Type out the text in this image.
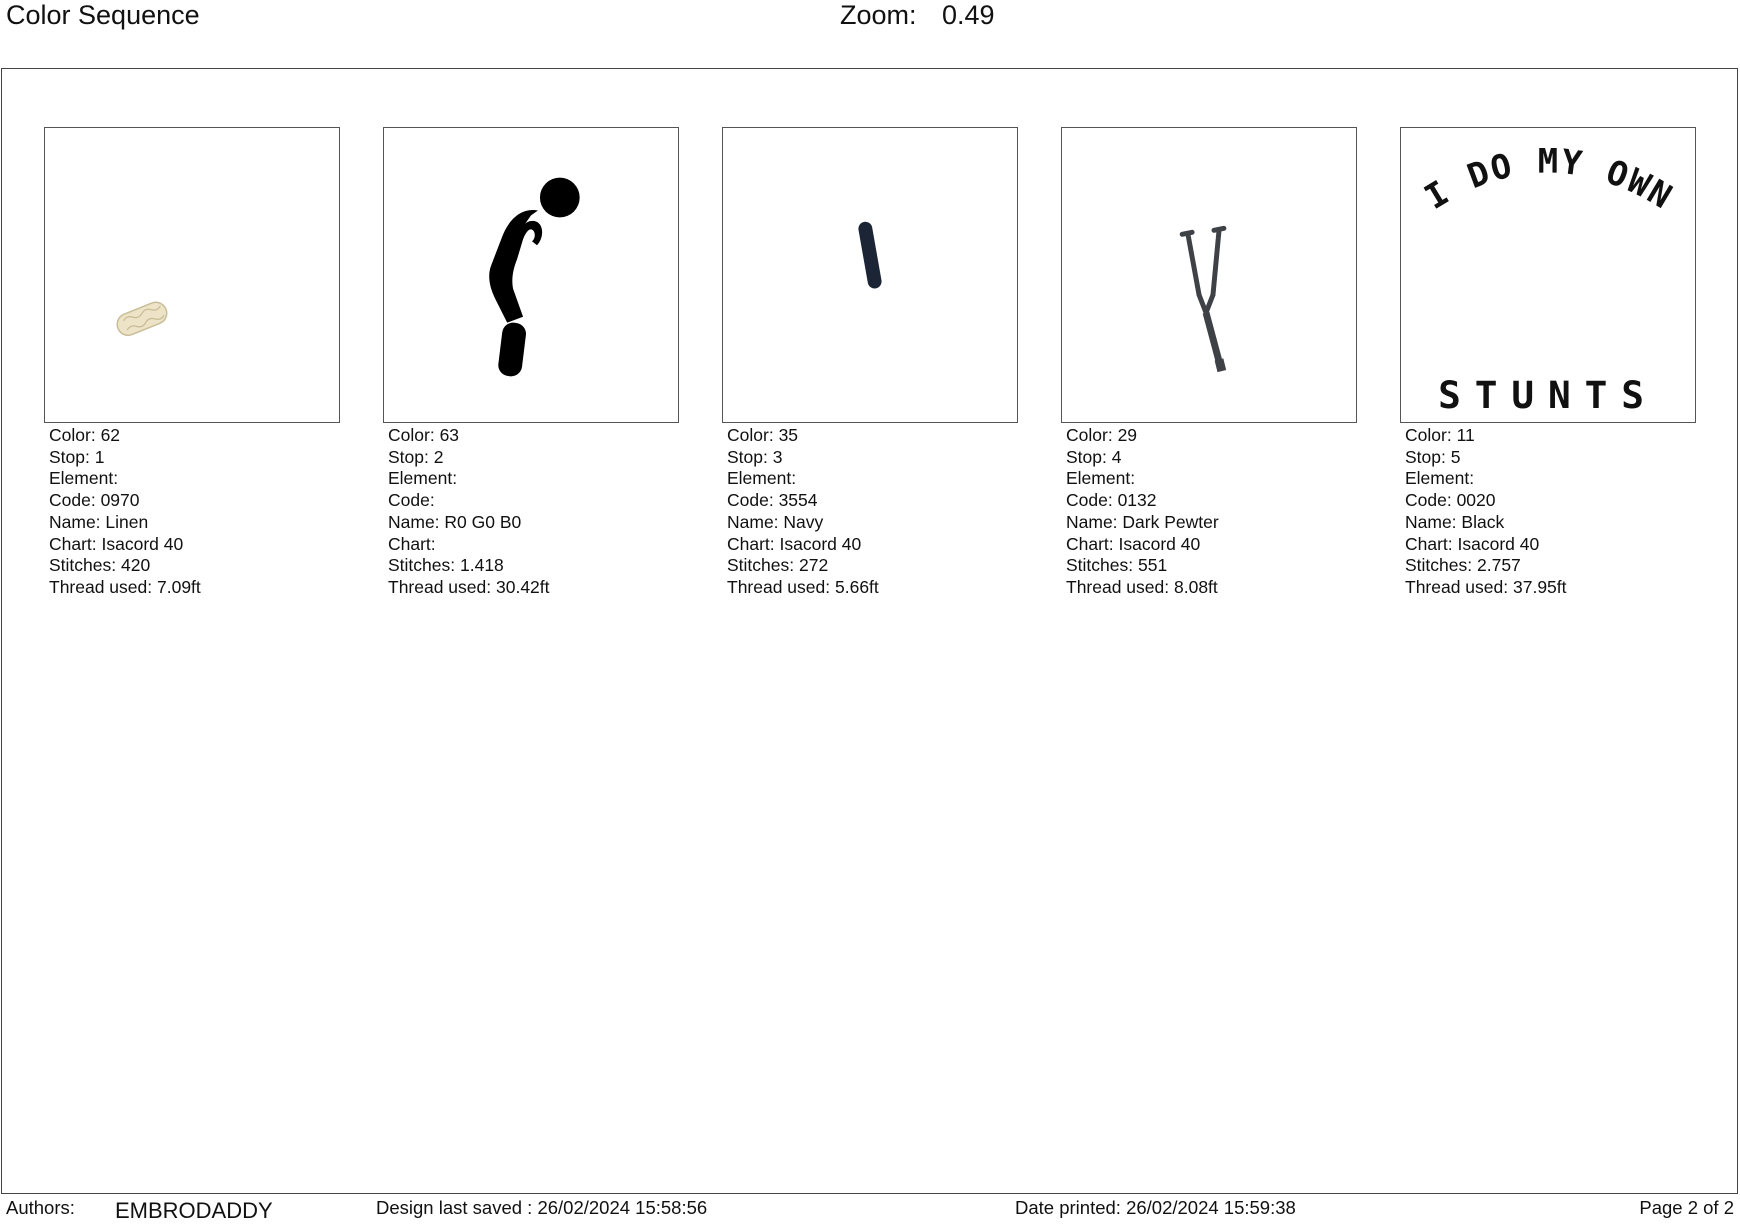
Color Sequence	Zoom: 0.49
Color: 62
Stop: 1
Element:
Code: 0970
Name: Linen
Chart: Isacord 40
Stitches: 420
Thread used: 7.09ft
Color: 63
Stop: 2
Element:
Code:
Name: R0 G0 B0
Chart:
Stitches: 1.418
Thread used: 30.42ft
Color: 35
Stop: 3
Element:
Code: 3554
Name: Navy
Chart: Isacord 40
Stitches: 272
Thread used: 5.66ft
Color: 29
Stop: 4
Element:
Code: 0132
Name: Dark Pewter
Chart: Isacord 40
Stitches: 551
Thread used: 8.08ft
I DO MY OWN
STUNTS
Color: 11
Stop: 5
Element:
Code: 0020
Name: Black
Chart: Isacord 40
Stitches: 2.757
Thread used: 37.95ft
Authors: EMBRODADDY	Design last saved : 26/02/2024 15:58:56	Date printed: 26/02/2024 15:59:38	Page 2 of 2
